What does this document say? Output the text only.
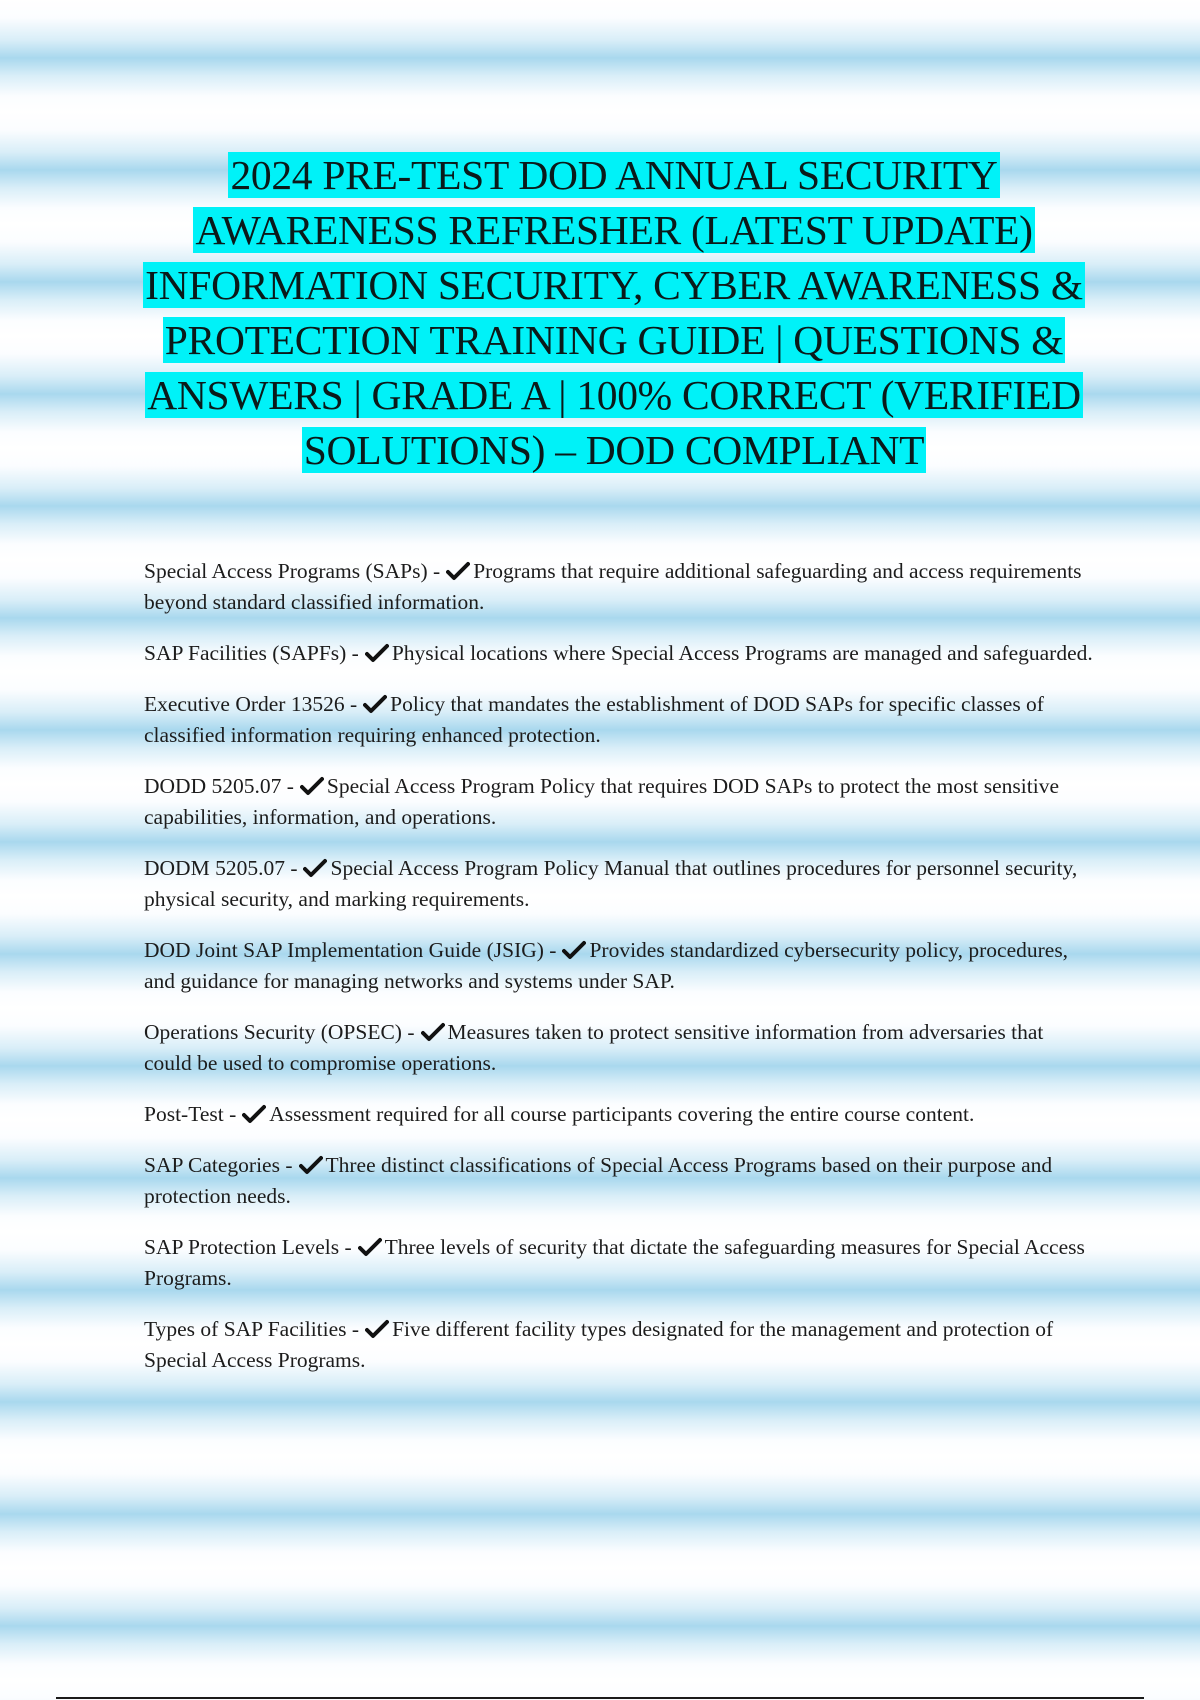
2024 PRE-TEST DOD ANNUAL SECURITY AWARENESS REFRESHER (LATEST UPDATE) INFORMATION SECURITY, CYBER AWARENESS & PROTECTION TRAINING GUIDE | QUESTIONS & ANSWERS | GRADE A | 100% CORRECT (VERIFIED SOLUTIONS) – DOD COMPLIANT

Special Access Programs (SAPs) - Programs that require additional safeguarding and access requirements beyond standard classified information.

SAP Facilities (SAPFs) - Physical locations where Special Access Programs are managed and safeguarded.

Executive Order 13526 - Policy that mandates the establishment of DOD SAPs for specific classes of classified information requiring enhanced protection.

DODD 5205.07 - Special Access Program Policy that requires DOD SAPs to protect the most sensitive capabilities, information, and operations.

DODM 5205.07 - Special Access Program Policy Manual that outlines procedures for personnel security, physical security, and marking requirements.

DOD Joint SAP Implementation Guide (JSIG) - Provides standardized cybersecurity policy, procedures, and guidance for managing networks and systems under SAP.

Operations Security (OPSEC) - Measures taken to protect sensitive information from adversaries that could be used to compromise operations.

Post-Test - Assessment required for all course participants covering the entire course content.

SAP Categories - Three distinct classifications of Special Access Programs based on their purpose and protection needs.

SAP Protection Levels - Three levels of security that dictate the safeguarding measures for Special Access Programs.

Types of SAP Facilities - Five different facility types designated for the management and protection of Special Access Programs.
